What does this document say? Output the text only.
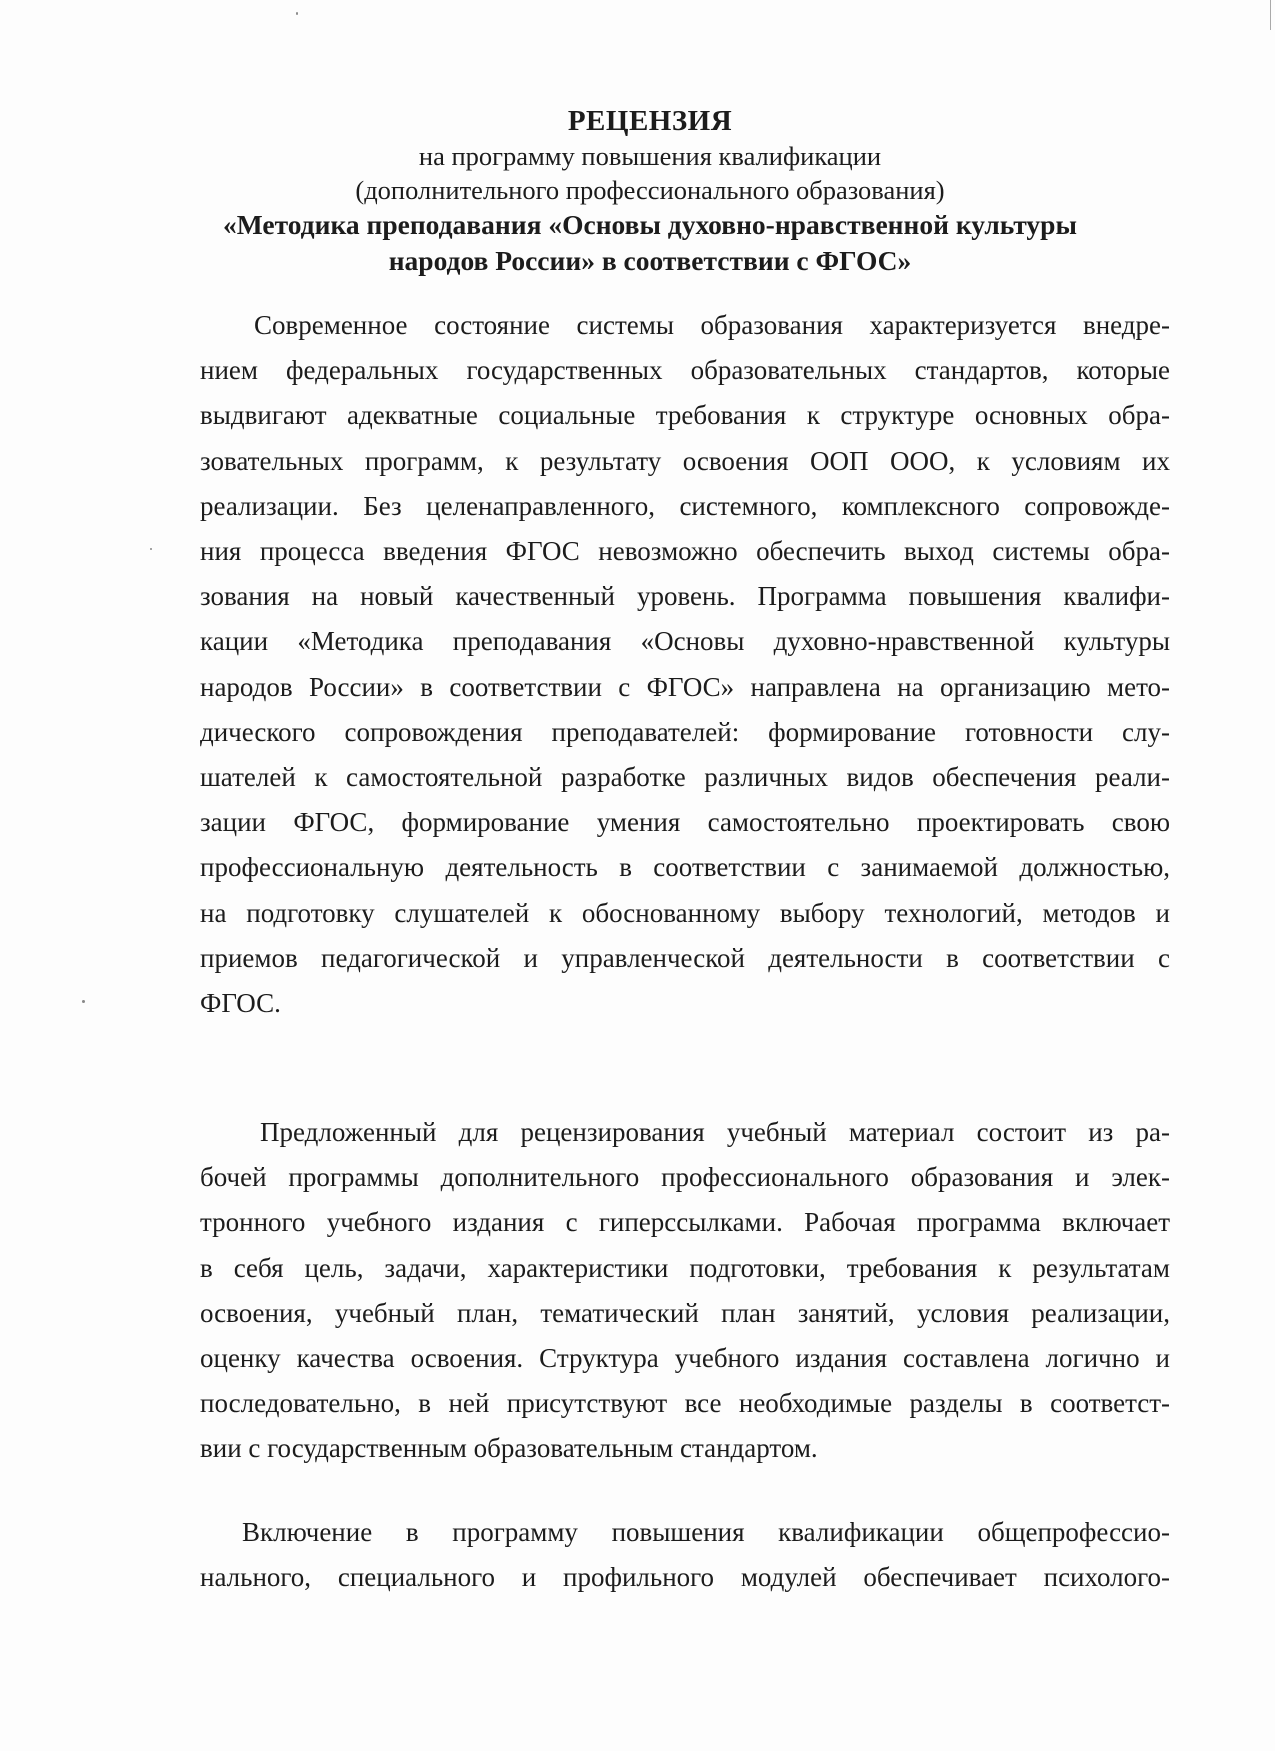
РЕЦЕНЗИЯ
на программу повышения квалификации
(дополнительного профессионального образования)
«Методика преподавания «Основы духовно-нравственной культуры
народов России» в соответствии с ФГОС»
Современное состояние системы образования характеризуется внедре-
нием федеральных государственных образовательных стандартов, которые
выдвигают адекватные социальные требования к структуре основных обра-
зовательных программ, к результату освоения ООП ООО, к условиям их
реализации. Без целенаправленного, системного, комплексного сопровожде-
ния процесса введения ФГОС невозможно обеспечить выход системы обра-
зования на новый качественный уровень. Программа повышения квалифи-
кации «Методика преподавания «Основы духовно-нравственной культуры
народов России» в соответствии с ФГОС» направлена на организацию мето-
дического сопровождения преподавателей: формирование готовности слу-
шателей к самостоятельной разработке различных видов обеспечения реали-
зации ФГОС, формирование умения самостоятельно проектировать свою
профессиональную деятельность в соответствии с занимаемой должностью,
на подготовку слушателей к обоснованному выбору технологий, методов и
приемов педагогической и управленческой деятельности в соответствии с
ФГОС.
Предложенный для рецензирования учебный материал состоит из ра-
бочей программы дополнительного профессионального образования и элек-
тронного учебного издания с гиперссылками. Рабочая программа включает
в себя цель, задачи, характеристики подготовки, требования к результатам
освоения, учебный план, тематический план занятий, условия реализации,
оценку качества освоения. Структура учебного издания составлена логично и
последовательно, в ней присутствуют все необходимые разделы в соответст-
вии с государственным образовательным стандартом.
Включение в программу повышения квалификации общепрофессио-
нального, специального и профильного модулей обеспечивает психолого-
